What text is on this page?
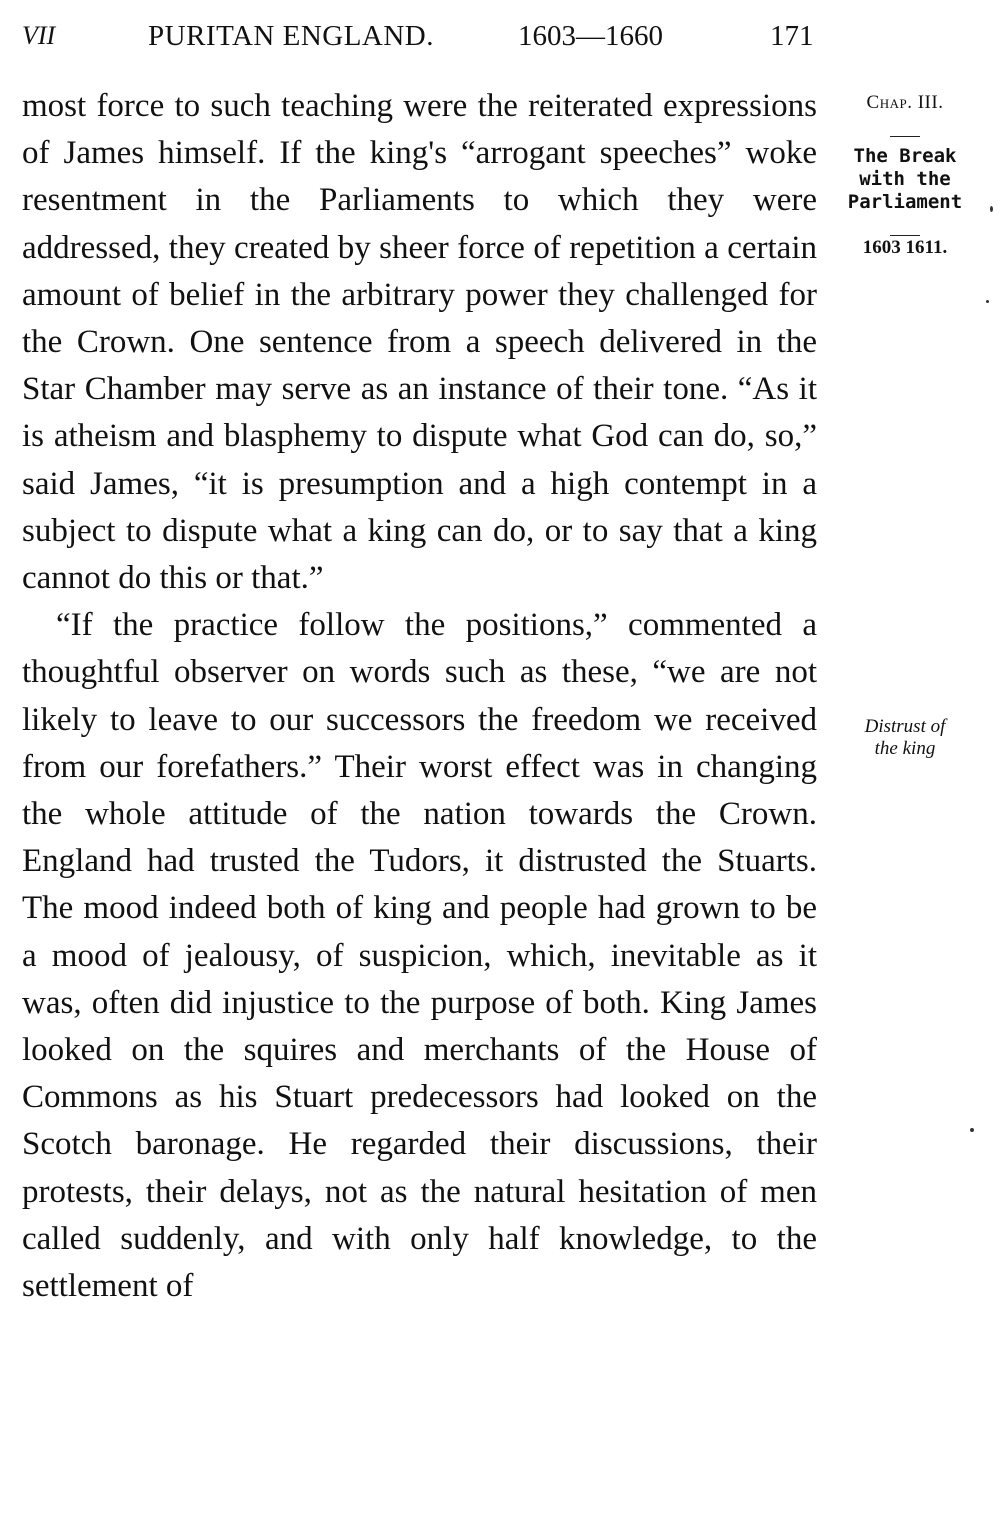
VII	PURITAN ENGLAND.	1603—1660	171

most force to such teaching were the reiterated expressions of James himself. If the king's “arrogant speeches” woke resentment in the Parliaments to which they were addressed, they created by sheer force of repetition a certain amount of belief in the arbitrary power they challenged for the Crown. One sentence from a speech delivered in the Star Chamber may serve as an instance of their tone. “As it is atheism and blasphemy to dispute what God can do, so,” said James, “it is presumption and a high contempt in a subject to dispute what a king can do, or to say that a king cannot do this or that.”

“If the practice follow the positions,” commented a thoughtful observer on words such as these, “we are not likely to leave to our successors the freedom we received from our forefathers.” Their worst effect was in changing the whole attitude of the nation towards the Crown. England had trusted the Tudors, it distrusted the Stuarts. The mood indeed both of king and people had grown to be a mood of jealousy, of suspicion, which, inevitable as it was, often did injustice to the purpose of both. King James looked on the squires and merchants of the House of Commons as his Stuart predecessors had looked on the Scotch baronage. He regarded their discussions, their protests, their delays, not as the natural hesitation of men called suddenly, and with only half knowledge, to the settlement of

Chap. III.
The Break
with the
Parliament
1603 1611.
Distrust of
the king
